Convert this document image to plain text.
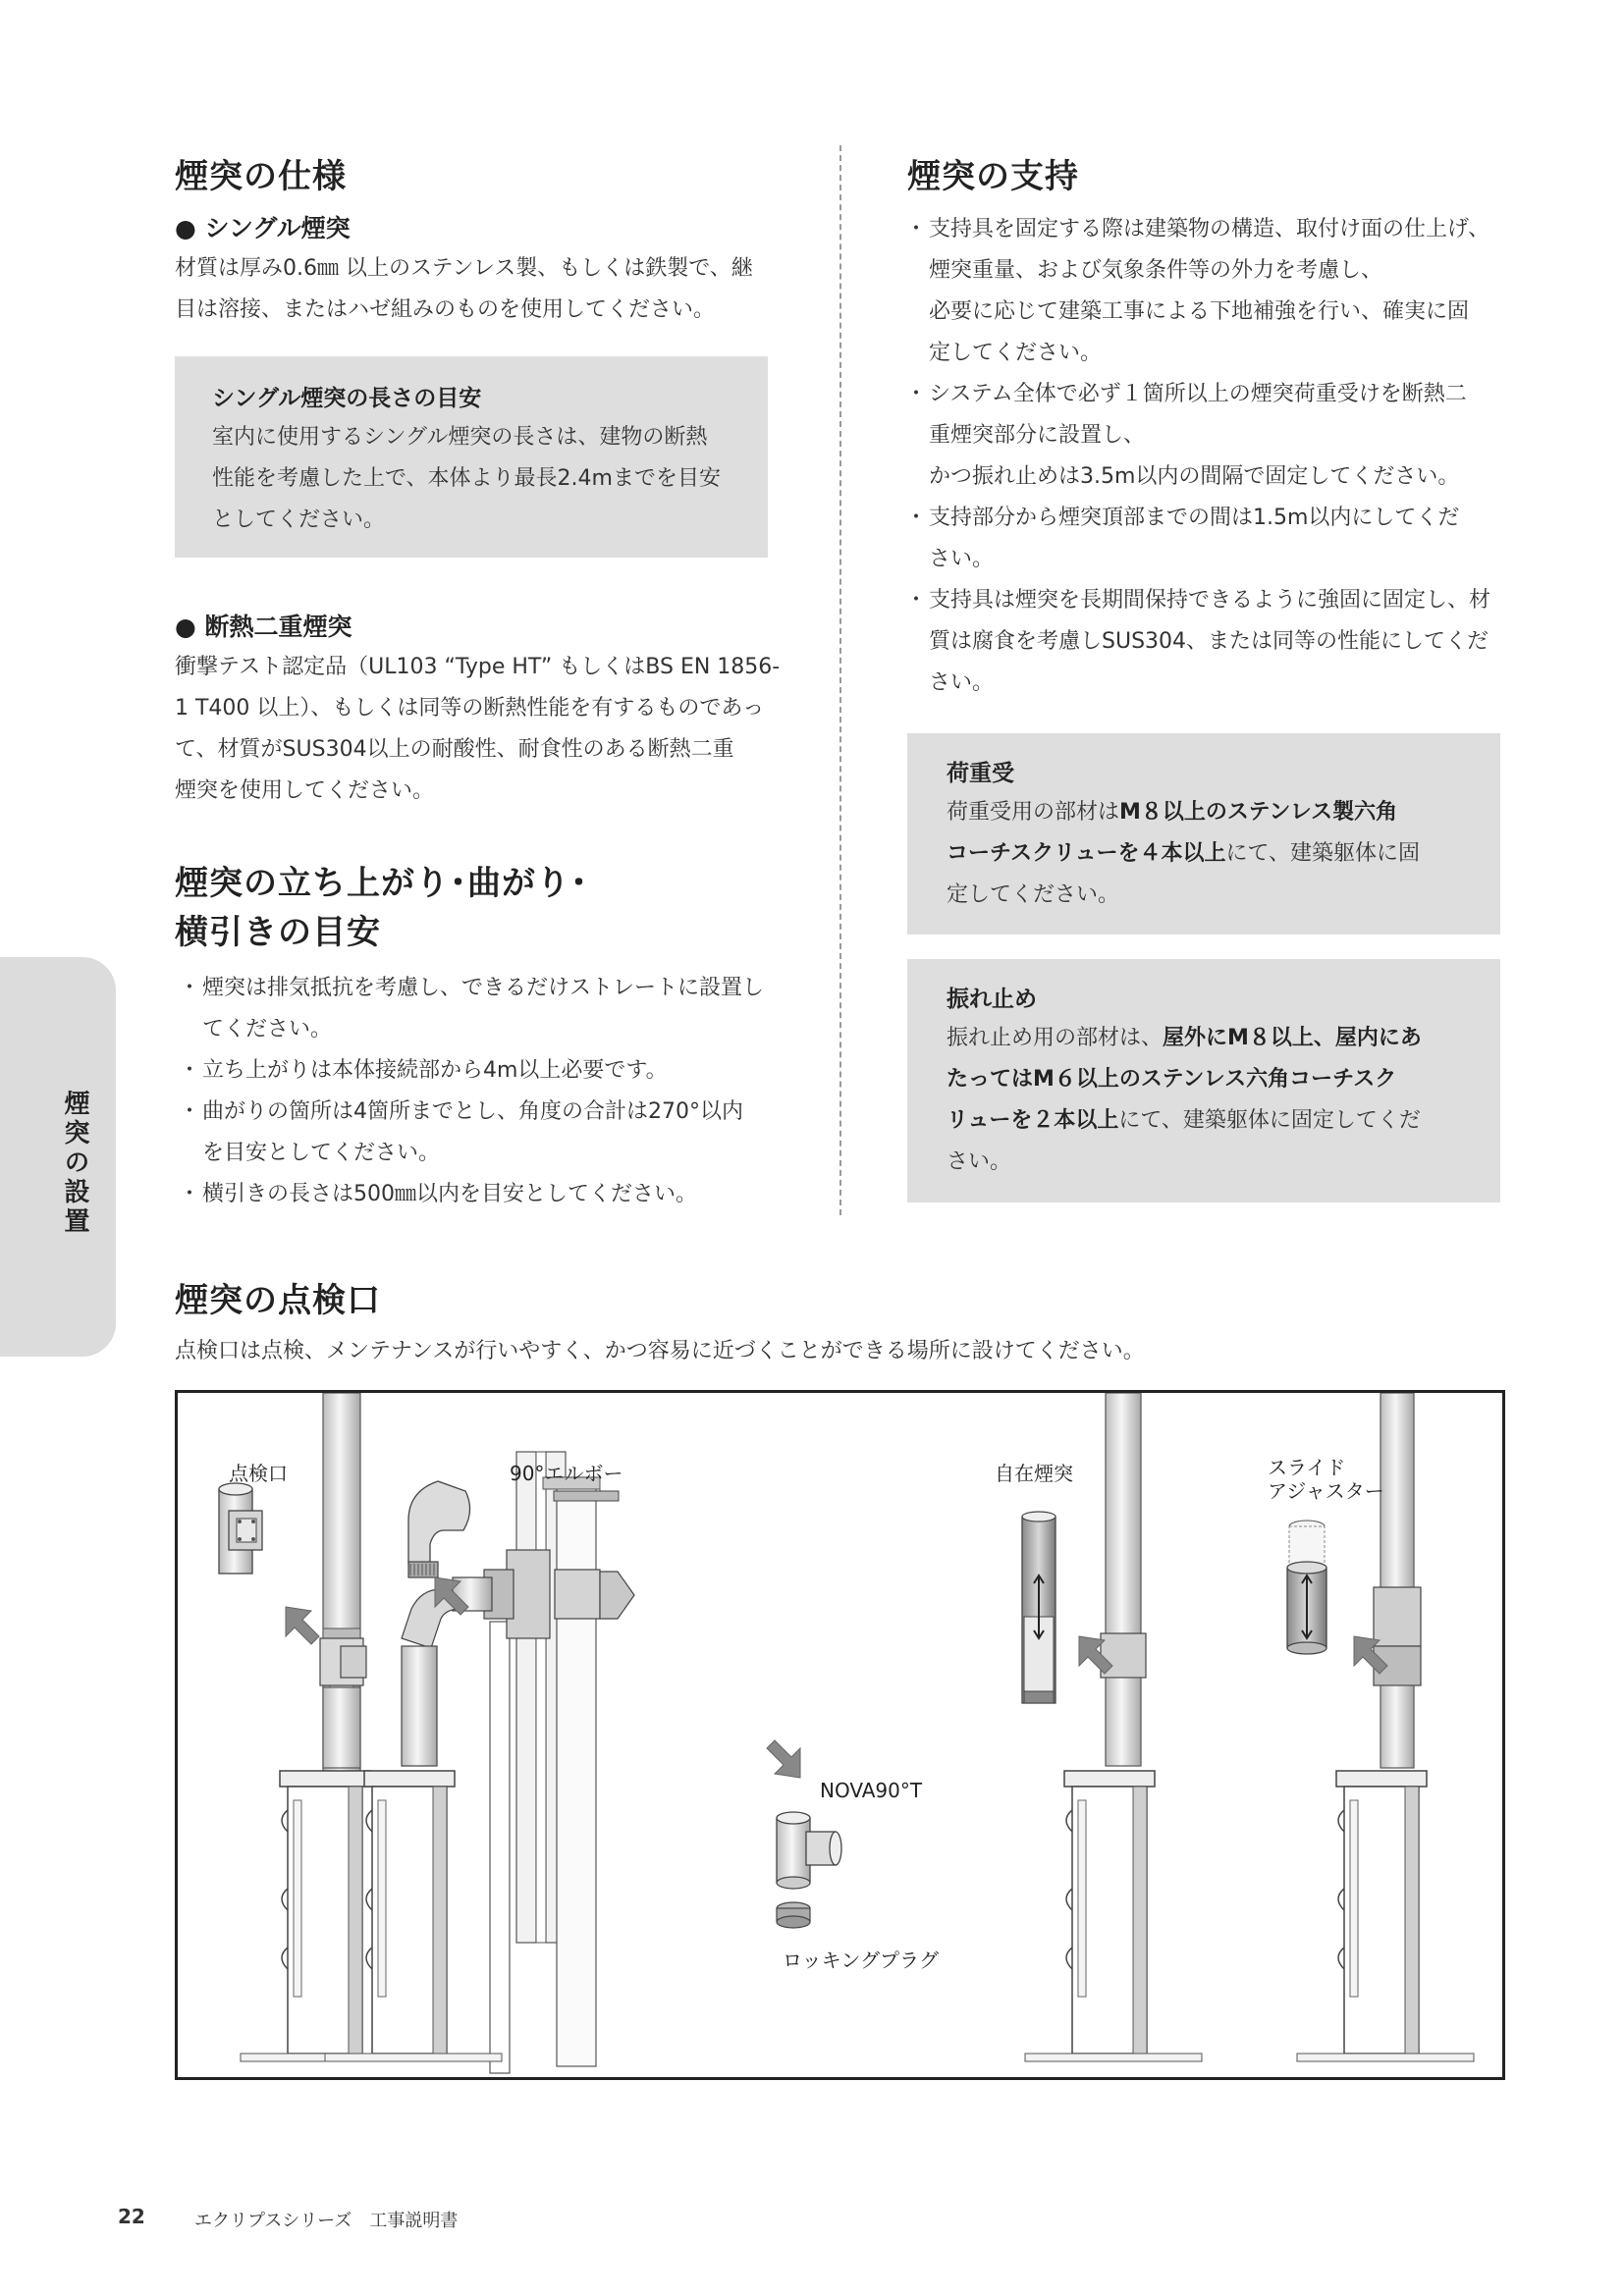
煙突の仕様
● シングル煙突
材質は厚み0.6㎜ 以上のステンレス製、もしくは鉄製で、継
目は溶接、またはハゼ組みのものを使用してください。
シングル煙突の長さの目安
室内に使用するシングル煙突の長さは、建物の断熱
性能を考慮した上で、本体より最長2.4mまでを目安
としてください。
● 断熱二重煙突
衝撃テスト認定品（UL103 “Type HT” もしくはBS EN 1856-
1 T400 以上）、もしくは同等の断熱性能を有するものであっ
て、材質がSUS304以上の耐酸性、耐食性のある断熱二重
煙突を使用してください。
煙突の立ち上がり･曲がり･
横引きの目安
・ 煙突は排気抵抗を考慮し、できるだけストレートに設置し
てください。
・ 立ち上がりは本体接続部から4m以上必要です。
・ 曲がりの箇所は4箇所までとし、角度の合計は270°以内
を目安としてください。
・ 横引きの長さは500㎜以内を目安としてください。
煙突の支持
・ 支持具を固定する際は建築物の構造、取付け面の仕上げ、
煙突重量、および気象条件等の外力を考慮し、
必要に応じて建築工事による下地補強を行い、確実に固
定してください。
・ システム全体で必ず１箇所以上の煙突荷重受けを断熱二
重煙突部分に設置し、
かつ振れ止めは3.5m以内の間隔で固定してください。
・ 支持部分から煙突頂部までの間は1.5m以内にしてくだ
さい。
・ 支持具は煙突を長期間保持できるように強固に固定し、材
質は腐食を考慮しSUS304、または同等の性能にしてくだ
さい。
荷重受
荷重受用の部材はM８以上のステンレス製六角
コーチスクリューを４本以上にて、建築躯体に固
定してください。
振れ止め
振れ止め用の部材は、屋外にM８以上、屋内にあ
たってはM６以上のステンレス六角コーチスク
リューを２本以上にて、建築躯体に固定してくだ
さい。
煙突の設置
煙突の点検口
点検口は点検、メンテナンスが行いやすく、かつ容易に近づくことができる場所に設けてください。
点検口	90°エルボー
NOVA90°T
ロッキングプラグ
自在煙突	スライド
アジャスター
22	エクリプスシリーズ　工事説明書
